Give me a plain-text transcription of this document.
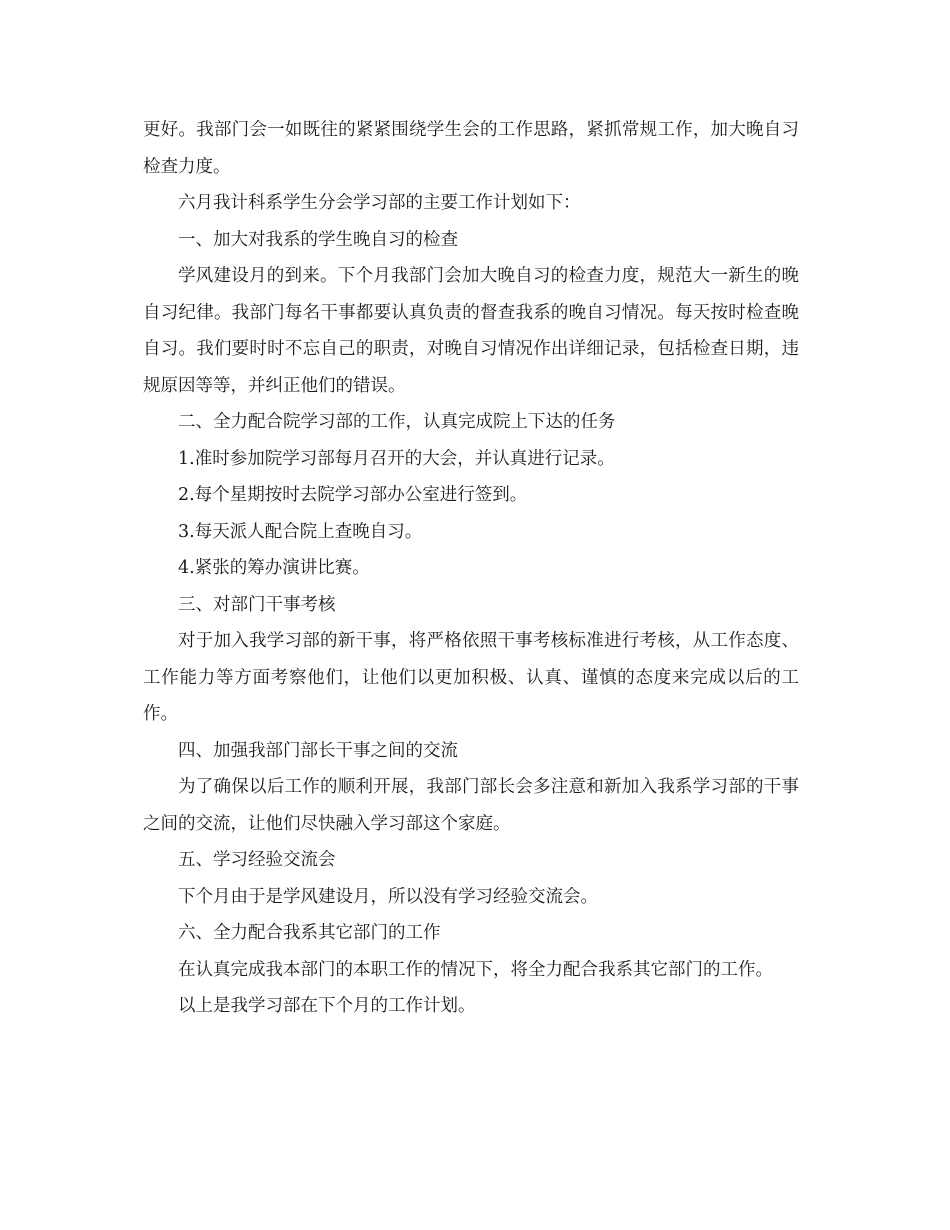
更好。我部门会一如既往的紧紧围绕学生会的工作思路，紧抓常规工作，加大晚自习检查力度。

六月我计科系学生分会学习部的主要工作计划如下：

一、加大对我系的学生晚自习的检查

学风建设月的到来。下个月我部门会加大晚自习的检查力度，规范大一新生的晚自习纪律。我部门每名干事都要认真负责的督查我系的晚自习情况。每天按时检查晚自习。我们要时时不忘自己的职责，对晚自习情况作出详细记录，包括检查日期，违规原因等等，并纠正他们的错误。

二、全力配合院学习部的工作，认真完成院上下达的任务

1.准时参加院学习部每月召开的大会，并认真进行记录。

2.每个星期按时去院学习部办公室进行签到。

3.每天派人配合院上查晚自习。

4.紧张的筹办演讲比赛。

三、对部门干事考核

对于加入我学习部的新干事，将严格依照干事考核标准进行考核，从工作态度、工作能力等方面考察他们，让他们以更加积极、认真、谨慎的态度来完成以后的工作。

四、加强我部门部长干事之间的交流

为了确保以后工作的顺利开展，我部门部长会多注意和新加入我系学习部的干事之间的交流，让他们尽快融入学习部这个家庭。

五、学习经验交流会

下个月由于是学风建设月，所以没有学习经验交流会。

六、全力配合我系其它部门的工作

在认真完成我本部门的本职工作的情况下，将全力配合我系其它部门的工作。

以上是我学习部在下个月的工作计划。
